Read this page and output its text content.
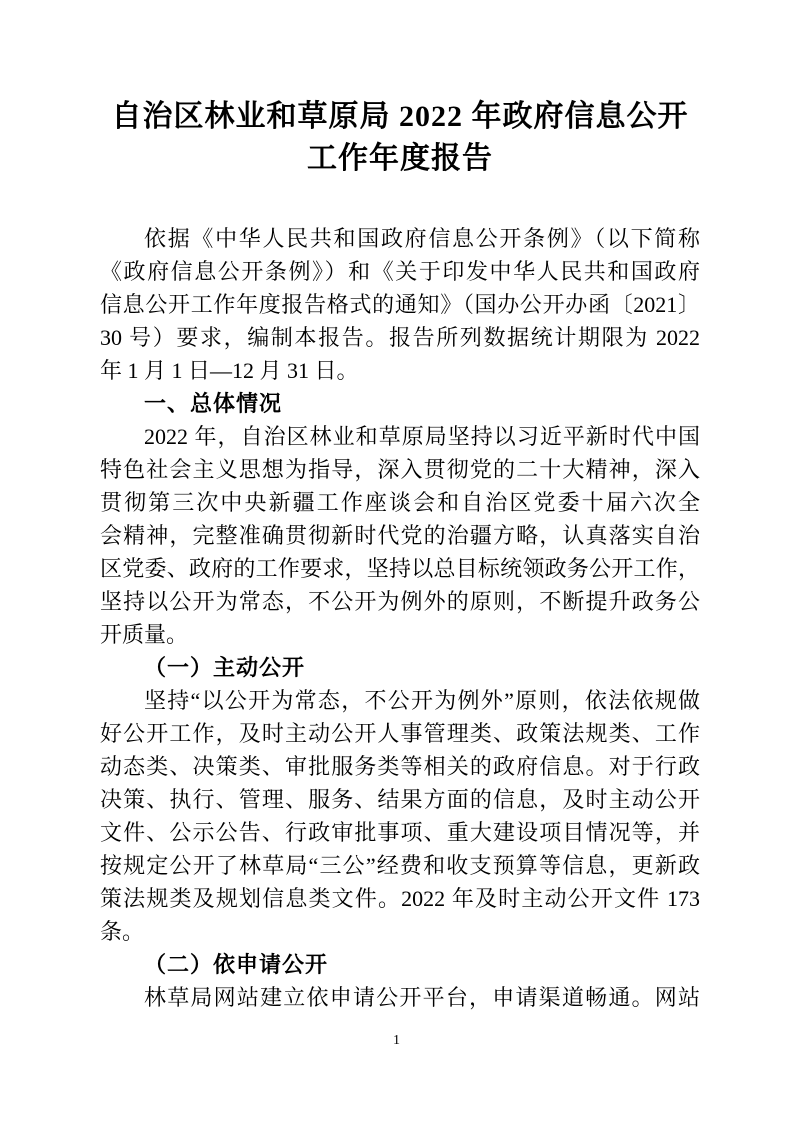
自治区林业和草原局 2022 年政府信息公开
工作年度报告
依据《中华人民共和国政府信息公开条例》（以下简称
《政府信息公开条例》）和《关于印发中华人民共和国政府
信息公开工作年度报告格式的通知》（国办公开办函〔2021〕
30 号）要求，编制本报告。报告所列数据统计期限为 2022
年 1 月 1 日—12 月 31 日。
一、总体情况
2022 年，自治区林业和草原局坚持以习近平新时代中国
特色社会主义思想为指导，深入贯彻党的二十大精神，深入
贯彻第三次中央新疆工作座谈会和自治区党委十届六次全
会精神，完整准确贯彻新时代党的治疆方略，认真落实自治
区党委、政府的工作要求，坚持以总目标统领政务公开工作，
坚持以公开为常态，不公开为例外的原则，不断提升政务公
开质量。
（一）主动公开
坚持“以公开为常态，不公开为例外”原则，依法依规做
好公开工作，及时主动公开人事管理类、政策法规类、工作
动态类、决策类、审批服务类等相关的政府信息。对于行政
决策、执行、管理、服务、结果方面的信息，及时主动公开
文件、公示公告、行政审批事项、重大建设项目情况等，并
按规定公开了林草局“三公”经费和收支预算等信息，更新政
策法规类及规划信息类文件。2022 年及时主动公开文件 173
条。
（二）依申请公开
林草局网站建立依申请公开平台，申请渠道畅通。网站
1
